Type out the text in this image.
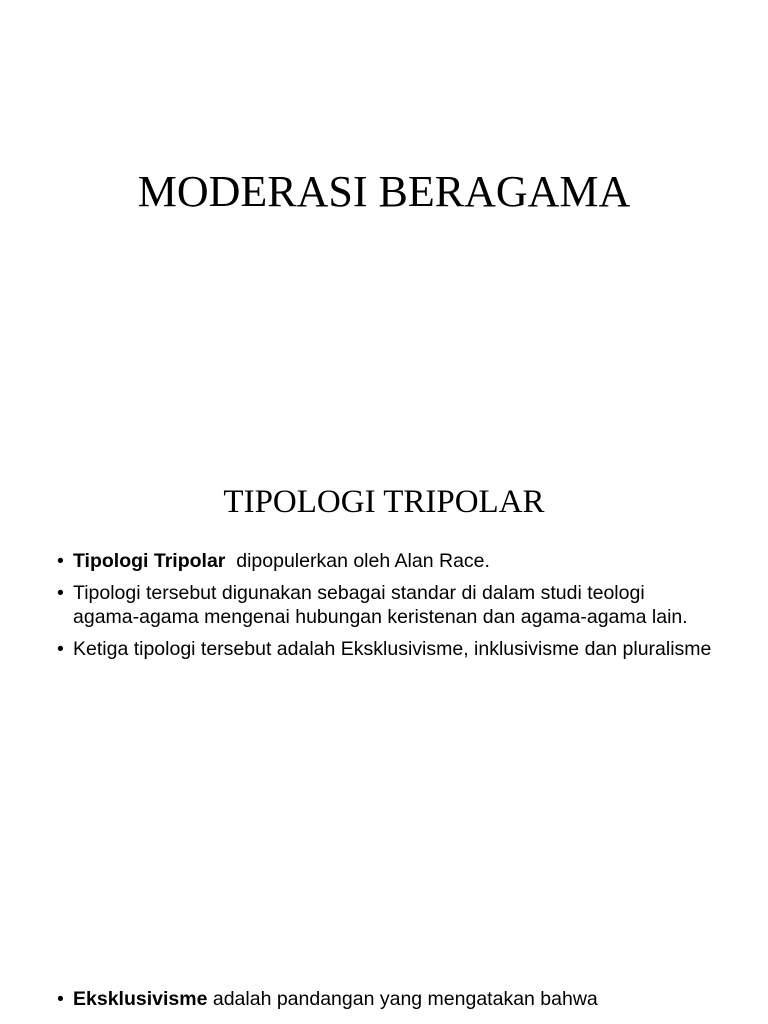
MODERASI BERAGAMA
TIPOLOGI TRIPOLAR
• Tipologi Tripolar  dipopulerkan oleh Alan Race.
• Tipologi tersebut digunakan sebagai standar di dalam studi teologi agama-agama mengenai hubungan keristenan dan agama-agama lain.
• Ketiga tipologi tersebut adalah Eksklusivisme, inklusivisme dan pluralisme
• Eksklusivisme adalah pandangan yang mengatakan bahwa
